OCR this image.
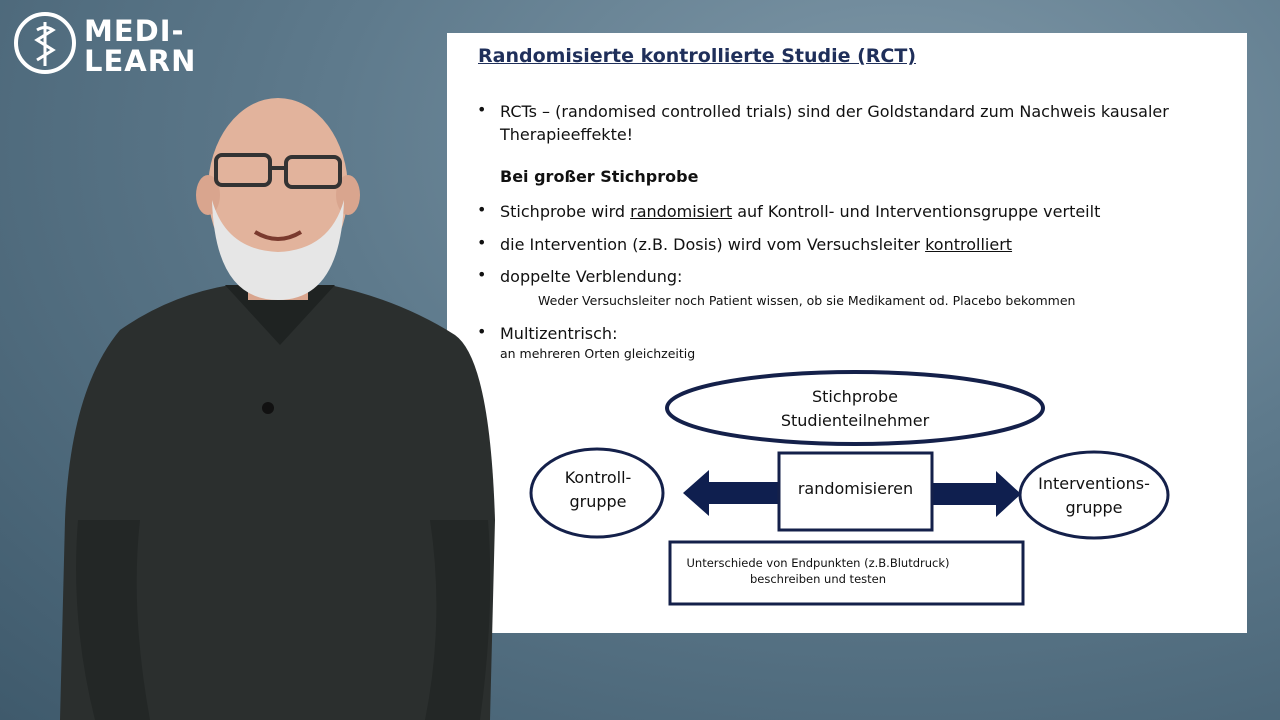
MEDI-
LEARN	Randomisierte kontrollierte Studie (RCT)
• RCTs – (randomised controlled trials) sind der Goldstandard zum Nachweis kausaler
Therapieeffekte!
Bei großer Stichprobe
• Stichprobe wird randomisiert auf Kontroll- und Interventionsgruppe verteilt
• die Intervention (z.B. Dosis) wird vom Versuchsleiter kontrolliert
• doppelte Verblendung:
Weder Versuchsleiter noch Patient wissen, ob sie Medikament od. Placebo bekommen
• Multizentrisch:
an mehreren Orten gleichzeitig
Stichprobe
Studienteilnehmer
randomisieren
Kontroll-
gruppe
Interventions-
gruppe
Unterschiede von Endpunkten (z.B.Blutdruck)
beschreiben und testen
